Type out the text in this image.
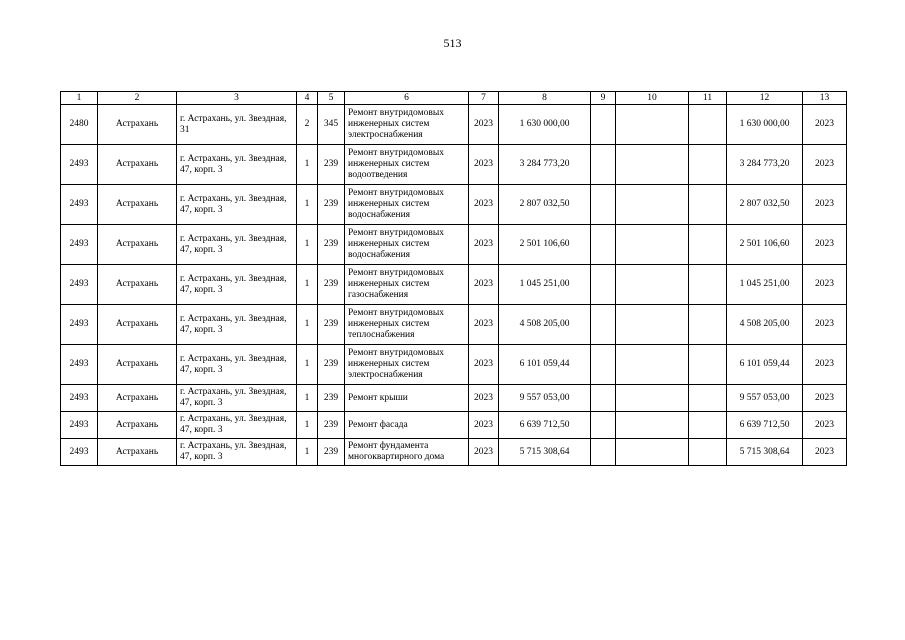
513
1	2	3	4	5	6	7	8	9	10	11	12	13
2480	Астрахань	г. Астрахань, ул. Звездная, 31	2	345	Ремонт внутридомовых инженерных систем электроснабжения	2023	1 630 000,00				1 630 000,00	2023
2493	Астрахань	г. Астрахань, ул. Звездная, 47, корп. 3	1	239	Ремонт внутридомовых инженерных систем водоотведения	2023	3 284 773,20				3 284 773,20	2023
2493	Астрахань	г. Астрахань, ул. Звездная, 47, корп. 3	1	239	Ремонт внутридомовых инженерных систем водоснабжения	2023	2 807 032,50				2 807 032,50	2023
2493	Астрахань	г. Астрахань, ул. Звездная, 47, корп. 3	1	239	Ремонт внутридомовых инженерных систем водоснабжения	2023	2 501 106,60				2 501 106,60	2023
2493	Астрахань	г. Астрахань, ул. Звездная, 47, корп. 3	1	239	Ремонт внутридомовых инженерных систем газоснабжения	2023	1 045 251,00				1 045 251,00	2023
2493	Астрахань	г. Астрахань, ул. Звездная, 47, корп. 3	1	239	Ремонт внутридомовых инженерных систем теплоснабжения	2023	4 508 205,00				4 508 205,00	2023
2493	Астрахань	г. Астрахань, ул. Звездная, 47, корп. 3	1	239	Ремонт внутридомовых инженерных систем электроснабжения	2023	6 101 059,44				6 101 059,44	2023
2493	Астрахань	г. Астрахань, ул. Звездная, 47, корп. 3	1	239	Ремонт крыши	2023	9 557 053,00				9 557 053,00	2023
2493	Астрахань	г. Астрахань, ул. Звездная, 47, корп. 3	1	239	Ремонт фасада	2023	6 639 712,50				6 639 712,50	2023
2493	Астрахань	г. Астрахань, ул. Звездная, 47, корп. 3	1	239	Ремонт фундамента многоквартирного дома	2023	5 715 308,64				5 715 308,64	2023
